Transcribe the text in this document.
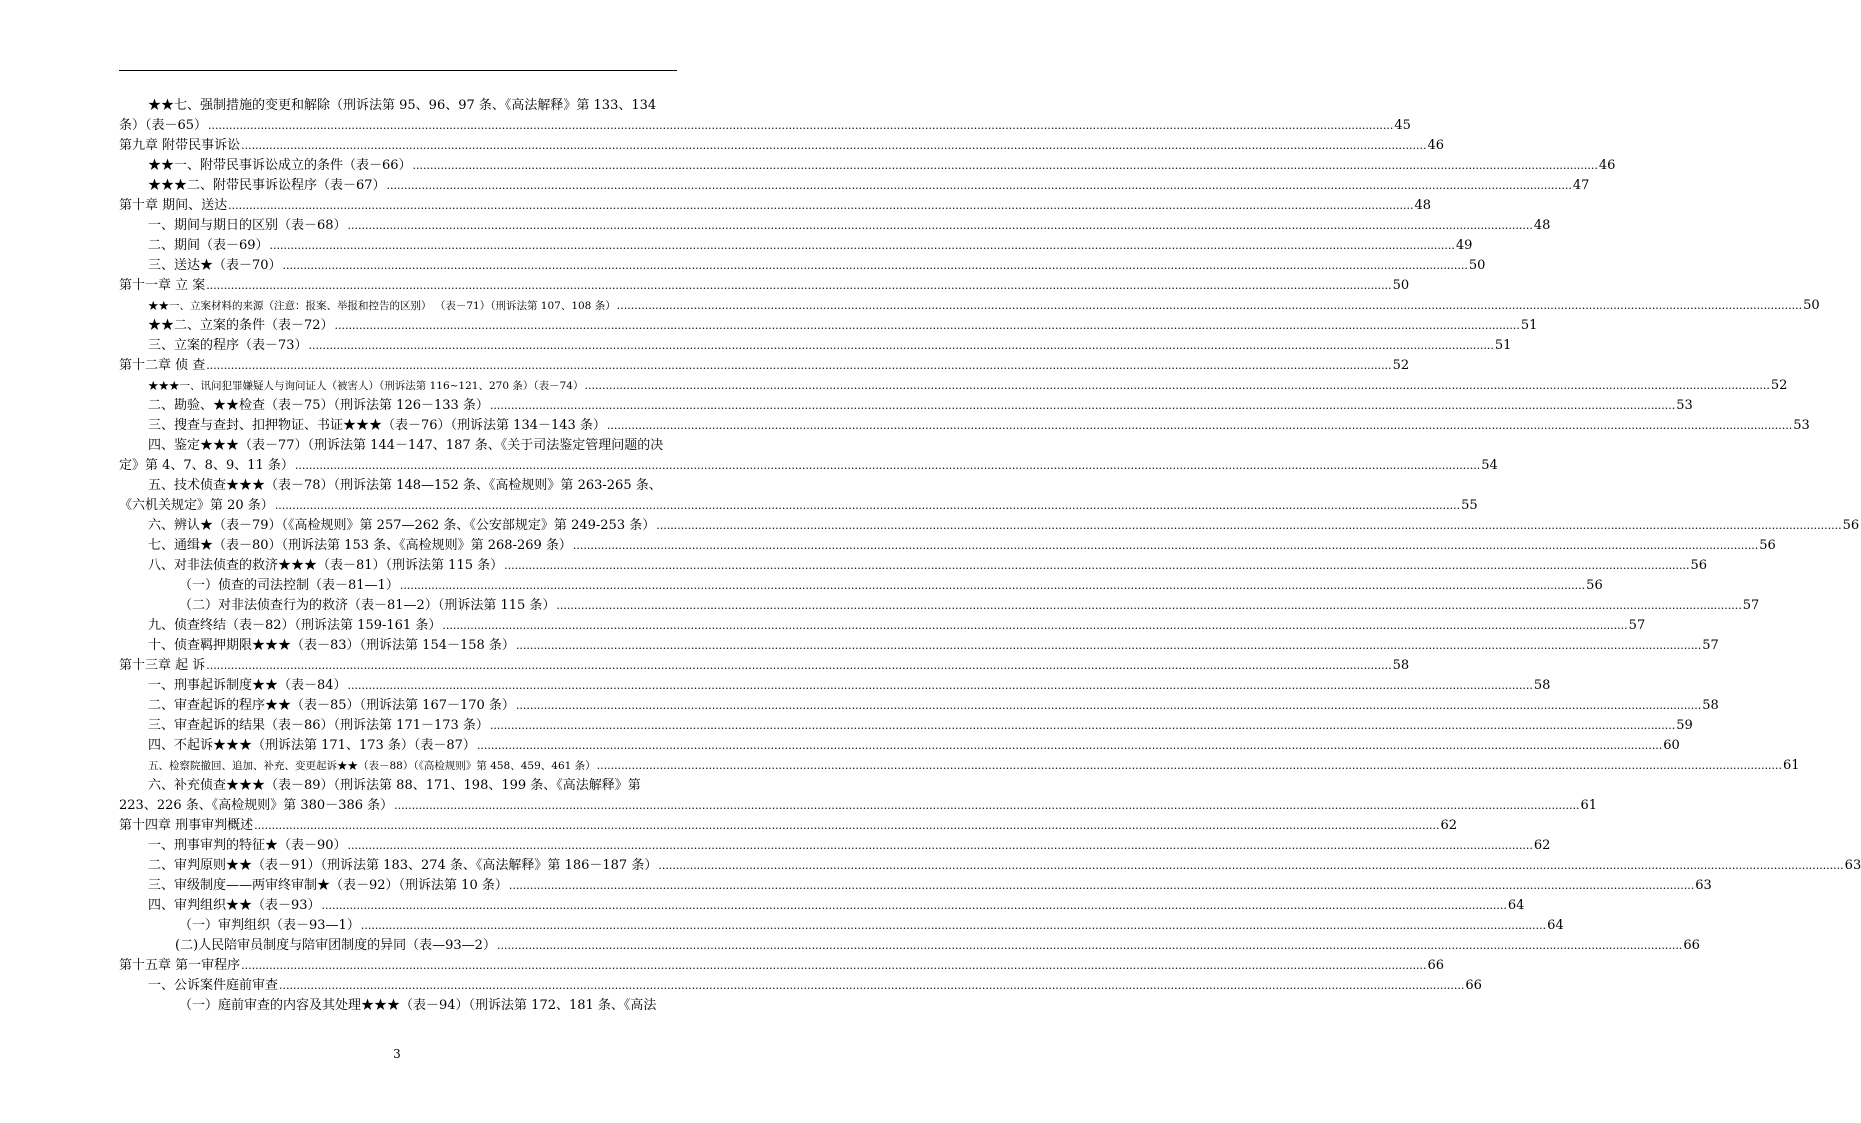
★★七、强制措施的变更和解除（刑诉法第 95、96、97 条、《高法解释》第 133、134
条）（表－65） .....	45
第九章 附带民事诉讼 .....	46
★★一、附带民事诉讼成立的条件（表－66） .....	46
★★★二、附带民事诉讼程序（表－67） .....	47
第十章 期间、送达 .....	48
一、期间与期日的区别（表－68） .....	48
二、期间（表－69） .....	49
三、送达★（表－70） .....	50
第十一章 立 案 .....	50
★★一、立案材料的来源（注意：报案、举报和控告的区别） （表－71）（刑诉法第 107、108 条） .....	50
★★二、立案的条件（表－72） .....	51
三、立案的程序（表－73） .....	51
第十二章 侦 查 .....	52
★★★一、讯问犯罪嫌疑人与询问证人（被害人）（刑诉法第 116~121、270 条）（表－74） .....	52
二、勘验、★★检查（表－75）（刑诉法第 126－133 条） .....	53
三、搜查与查封、扣押物证、书证★★★（表－76）（刑诉法第 134－143 条） .....	53
四、鉴定★★★（表－77）（刑诉法第 144－147、187 条、《关于司法鉴定管理问题的决
定》第 4、7、8、9、11 条） .....	54
五、技术侦查★★★（表－78）（刑诉法第 148—152 条、《高检规则》第 263-265 条、
《六机关规定》第 20 条） .....	55
六、辨认★（表－79）（《高检规则》第 257—262 条、《公安部规定》第 249-253 条） .....	56
七、通缉★（表－80）（刑诉法第 153 条、《高检规则》第 268-269 条） .....	56
八、对非法侦查的救济★★★（表－81）（刑诉法第 115 条） .....	56
（一）侦查的司法控制（表－81—1） .....	56
（二）对非法侦查行为的救济（表－81—2）（刑诉法第 115 条） .....	57
九、侦查终结（表－82）（刑诉法第 159-161 条） .....	57
十、侦查羁押期限★★★（表－83）（刑诉法第 154－158 条） .....	57
第十三章 起 诉 .....	58
一、刑事起诉制度★★（表－84） .....	58
二、审查起诉的程序★★（表－85）（刑诉法第 167－170 条） .....	58
三、审查起诉的结果（表－86）（刑诉法第 171－173 条） .....	59
四、不起诉★★★（刑诉法第 171、173 条）（表－87） .....	60
五、检察院撤回、追加、补充、变更起诉★★（表－88）（《高检规则》第 458、459、461 条） .....	61
六、补充侦查★★★（表－89）（刑诉法第 88、171、198、199 条、《高法解释》第
223、226 条、《高检规则》第 380－386 条） .....	61
第十四章 刑事审判概述 .....	62
一、刑事审判的特征★（表－90） .....	62
二、审判原则★★（表－91）（刑诉法第 183、274 条、《高法解释》第 186－187 条） .....	63
三、审级制度——两审终审制★（表－92）（刑诉法第 10 条） .....	63
四、审判组织★★（表－93） .....	64
（一）审判组织（表－93—1） .....	64
(二)人民陪审员制度与陪审团制度的异同（表—93—2） .....	66
第十五章 第一审程序 .....	66
一、公诉案件庭前审查 .....	66
（一）庭前审查的内容及其处理★★★（表－94）（刑诉法第 172、181 条、《高法
3
